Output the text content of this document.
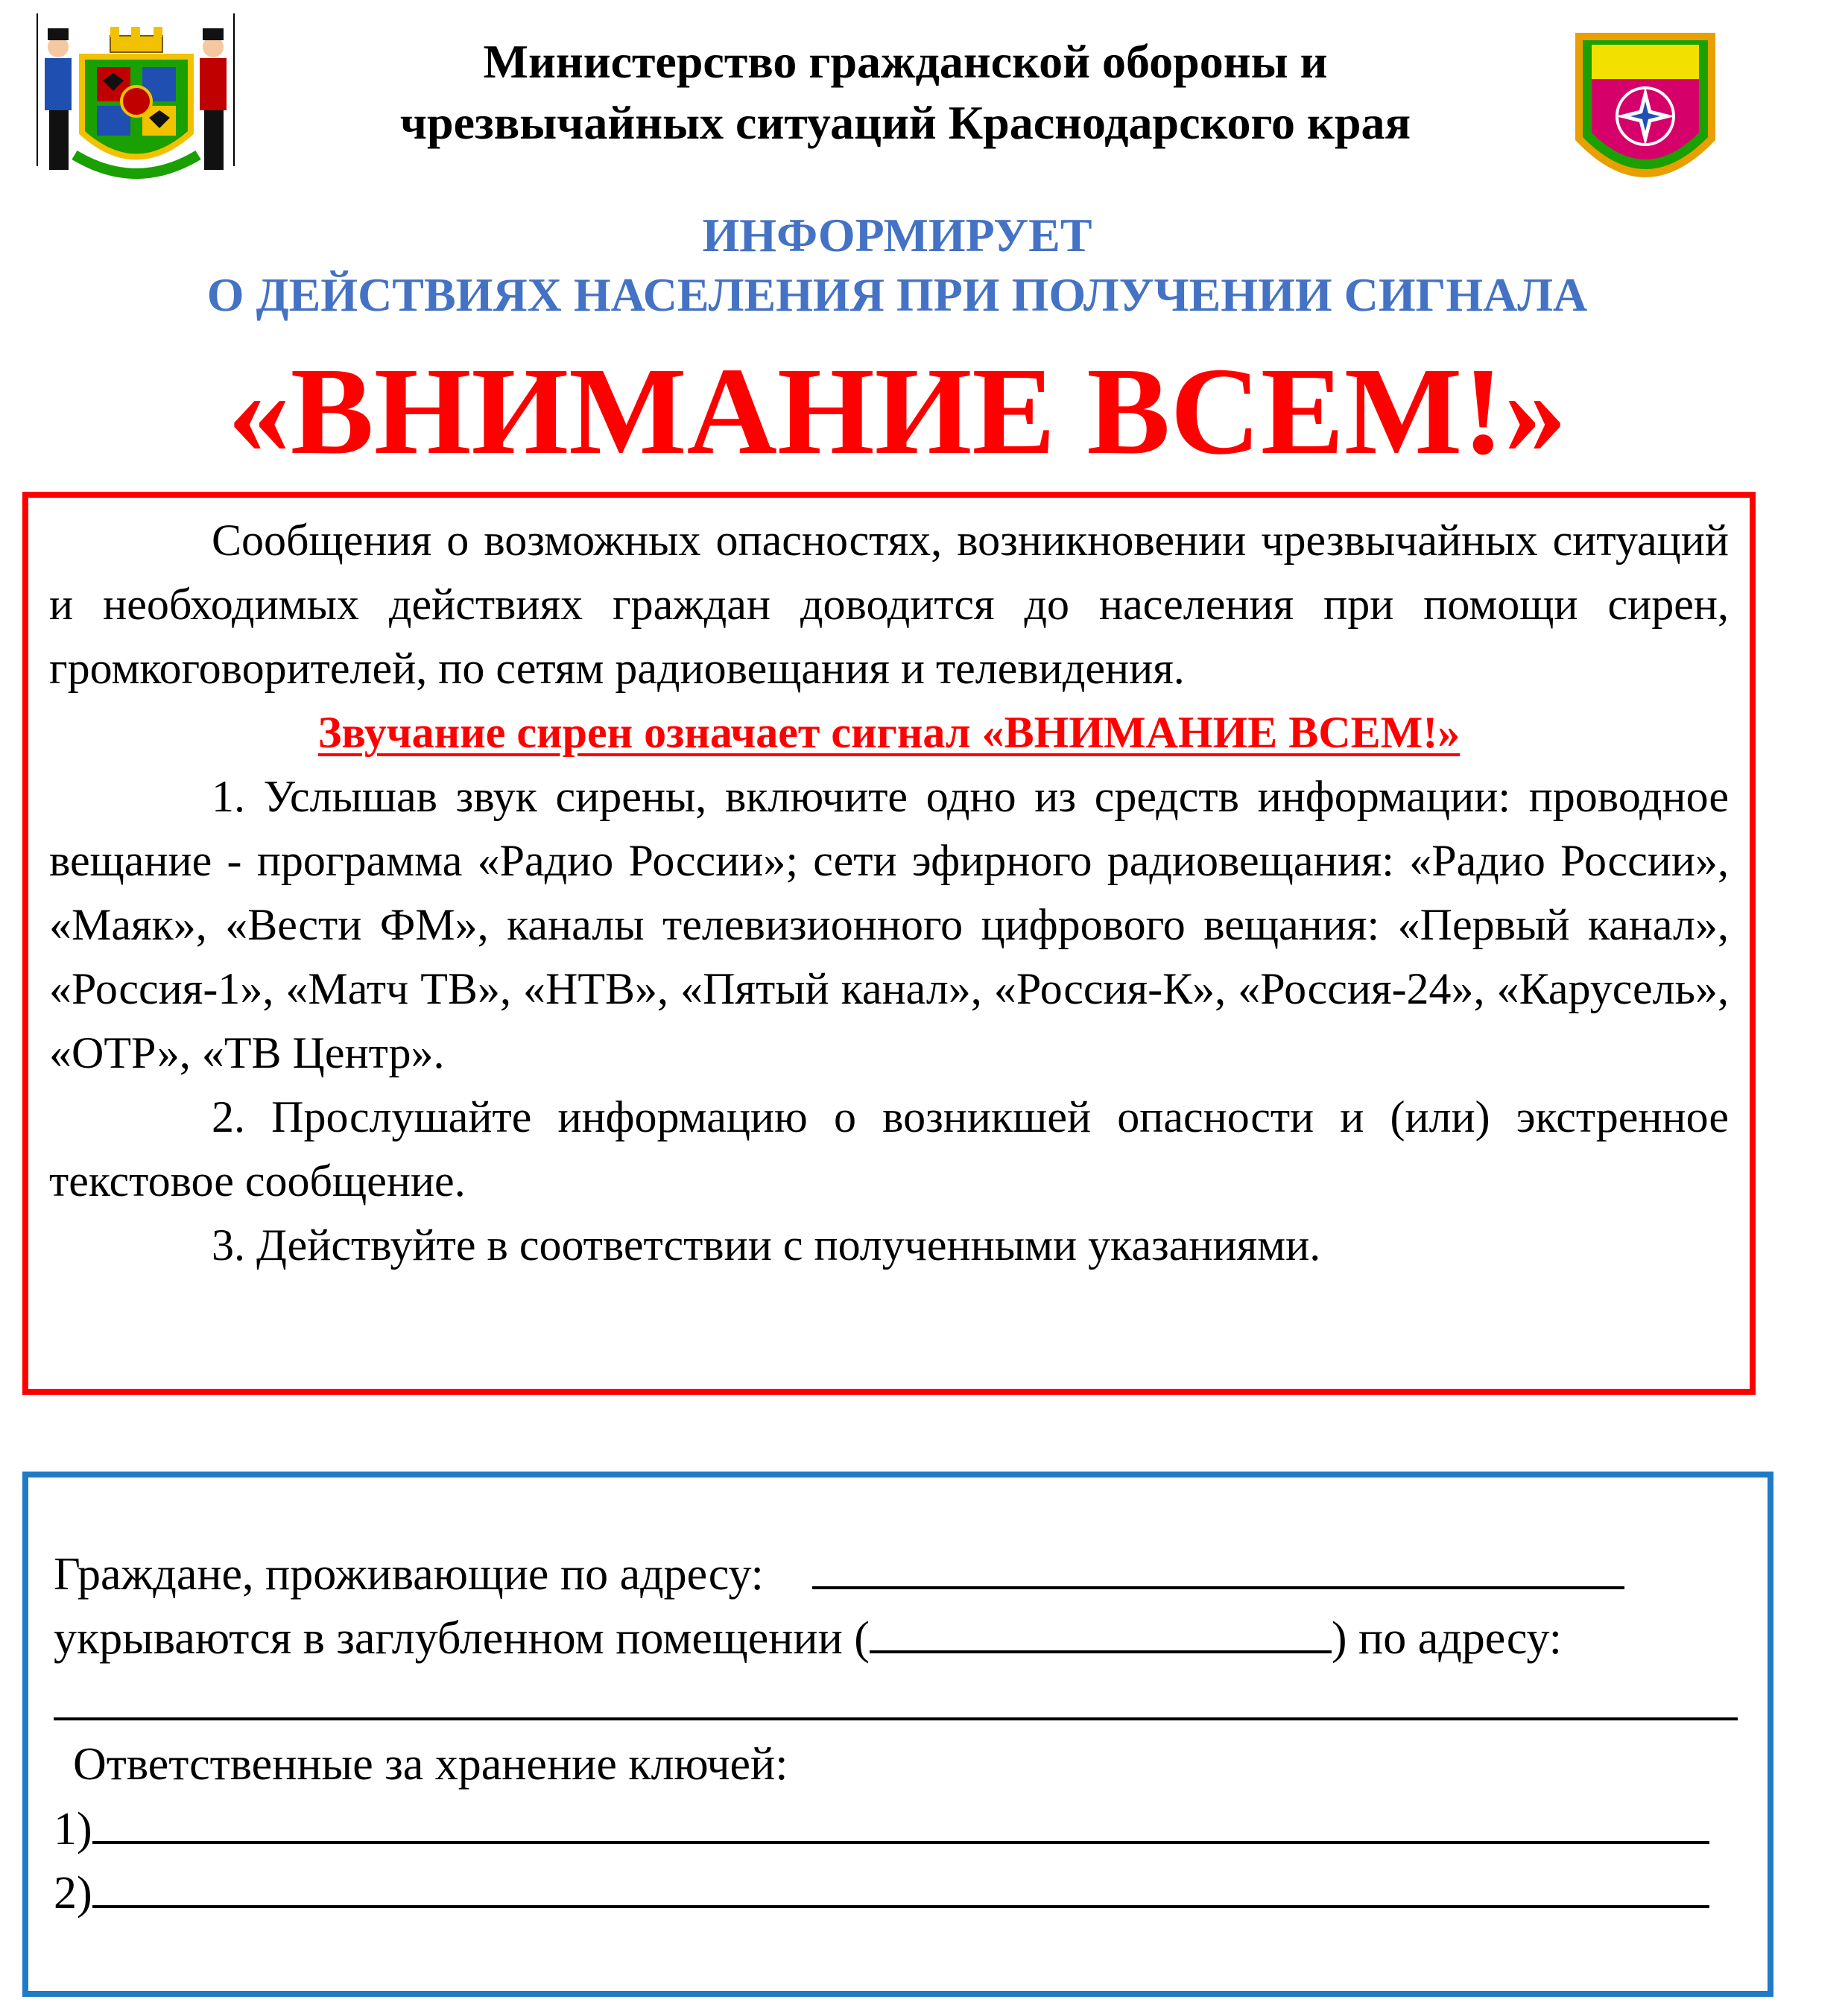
Министерство гражданской обороны и
чрезвычайных ситуаций Краснодарского края
ИНФОРМИРУЕТ
О ДЕЙСТВИЯХ НАСЕЛЕНИЯ ПРИ ПОЛУЧЕНИИ СИГНАЛА
«ВНИМАНИЕ ВСЕМ!»

Сообщения о возможных опасностях, возникновении чрезвычайных ситуаций и необходимых действиях граждан доводится до населения при помощи сирен, громкоговорителей, по сетям радиовещания и телевидения.

Звучание сирен означает сигнал «ВНИМАНИЕ ВСЕМ!»

1. Услышав звук сирены, включите одно из средств информации: проводное вещание - программа «Радио России»; сети эфирного радиовещания: «Радио России», «Маяк», «Вести ФМ», каналы телевизионного цифрового вещания: «Первый канал», «Россия-1», «Матч ТВ», «НТВ», «Пятый канал», «Россия-К», «Россия-24», «Карусель», «ОТР», «ТВ Центр».

2. Прослушайте информацию о возникшей опасности и (или) экстренное текстовое сообщение.

3. Действуйте в соответствии с полученными указаниями.

Граждане, проживающие по адресу:
укрываются в заглубленном помещении (	) по адресу:
Ответственные за хранение ключей:
1)
2)
